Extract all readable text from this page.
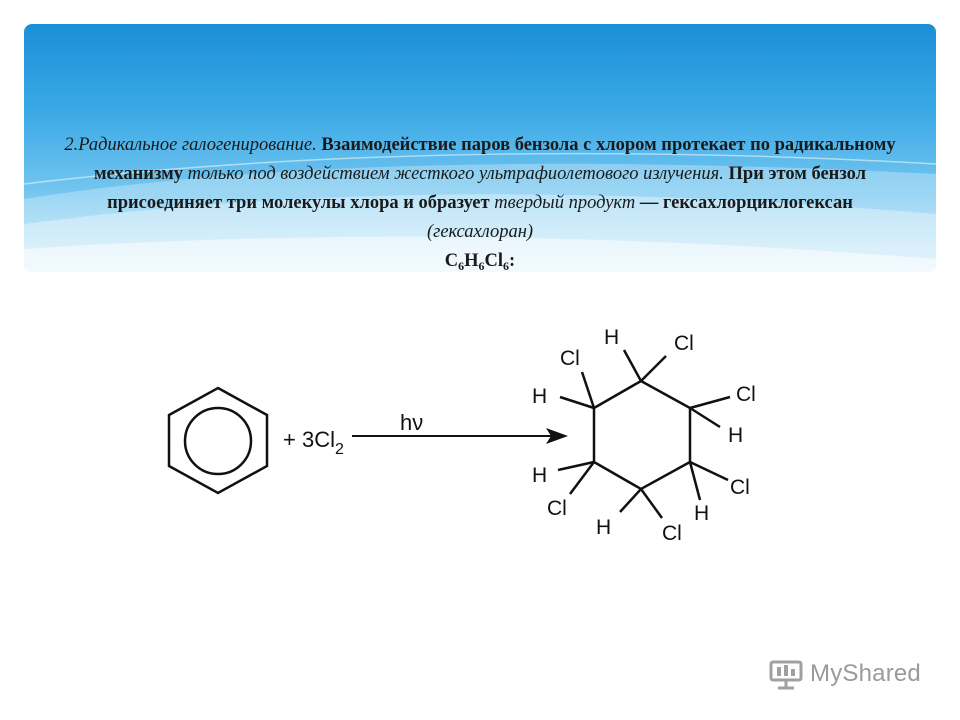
2.Радикальное галогенирование. Взаимодействие паров бензола с хлором протекает по радикальному механизму только под воздействием жесткого ультрафиолетового излучения. При этом бензол присоединяет три молекулы хлора и образует твердый продукт — гексахлорциклогексан (гексахлоран)
$C_6H_6Cl_6$:
+ $3Cl_2$
hν
H
Cl
Cl
H	Cl
H
H
Cl
Cl
H Cl
H
MyShared
